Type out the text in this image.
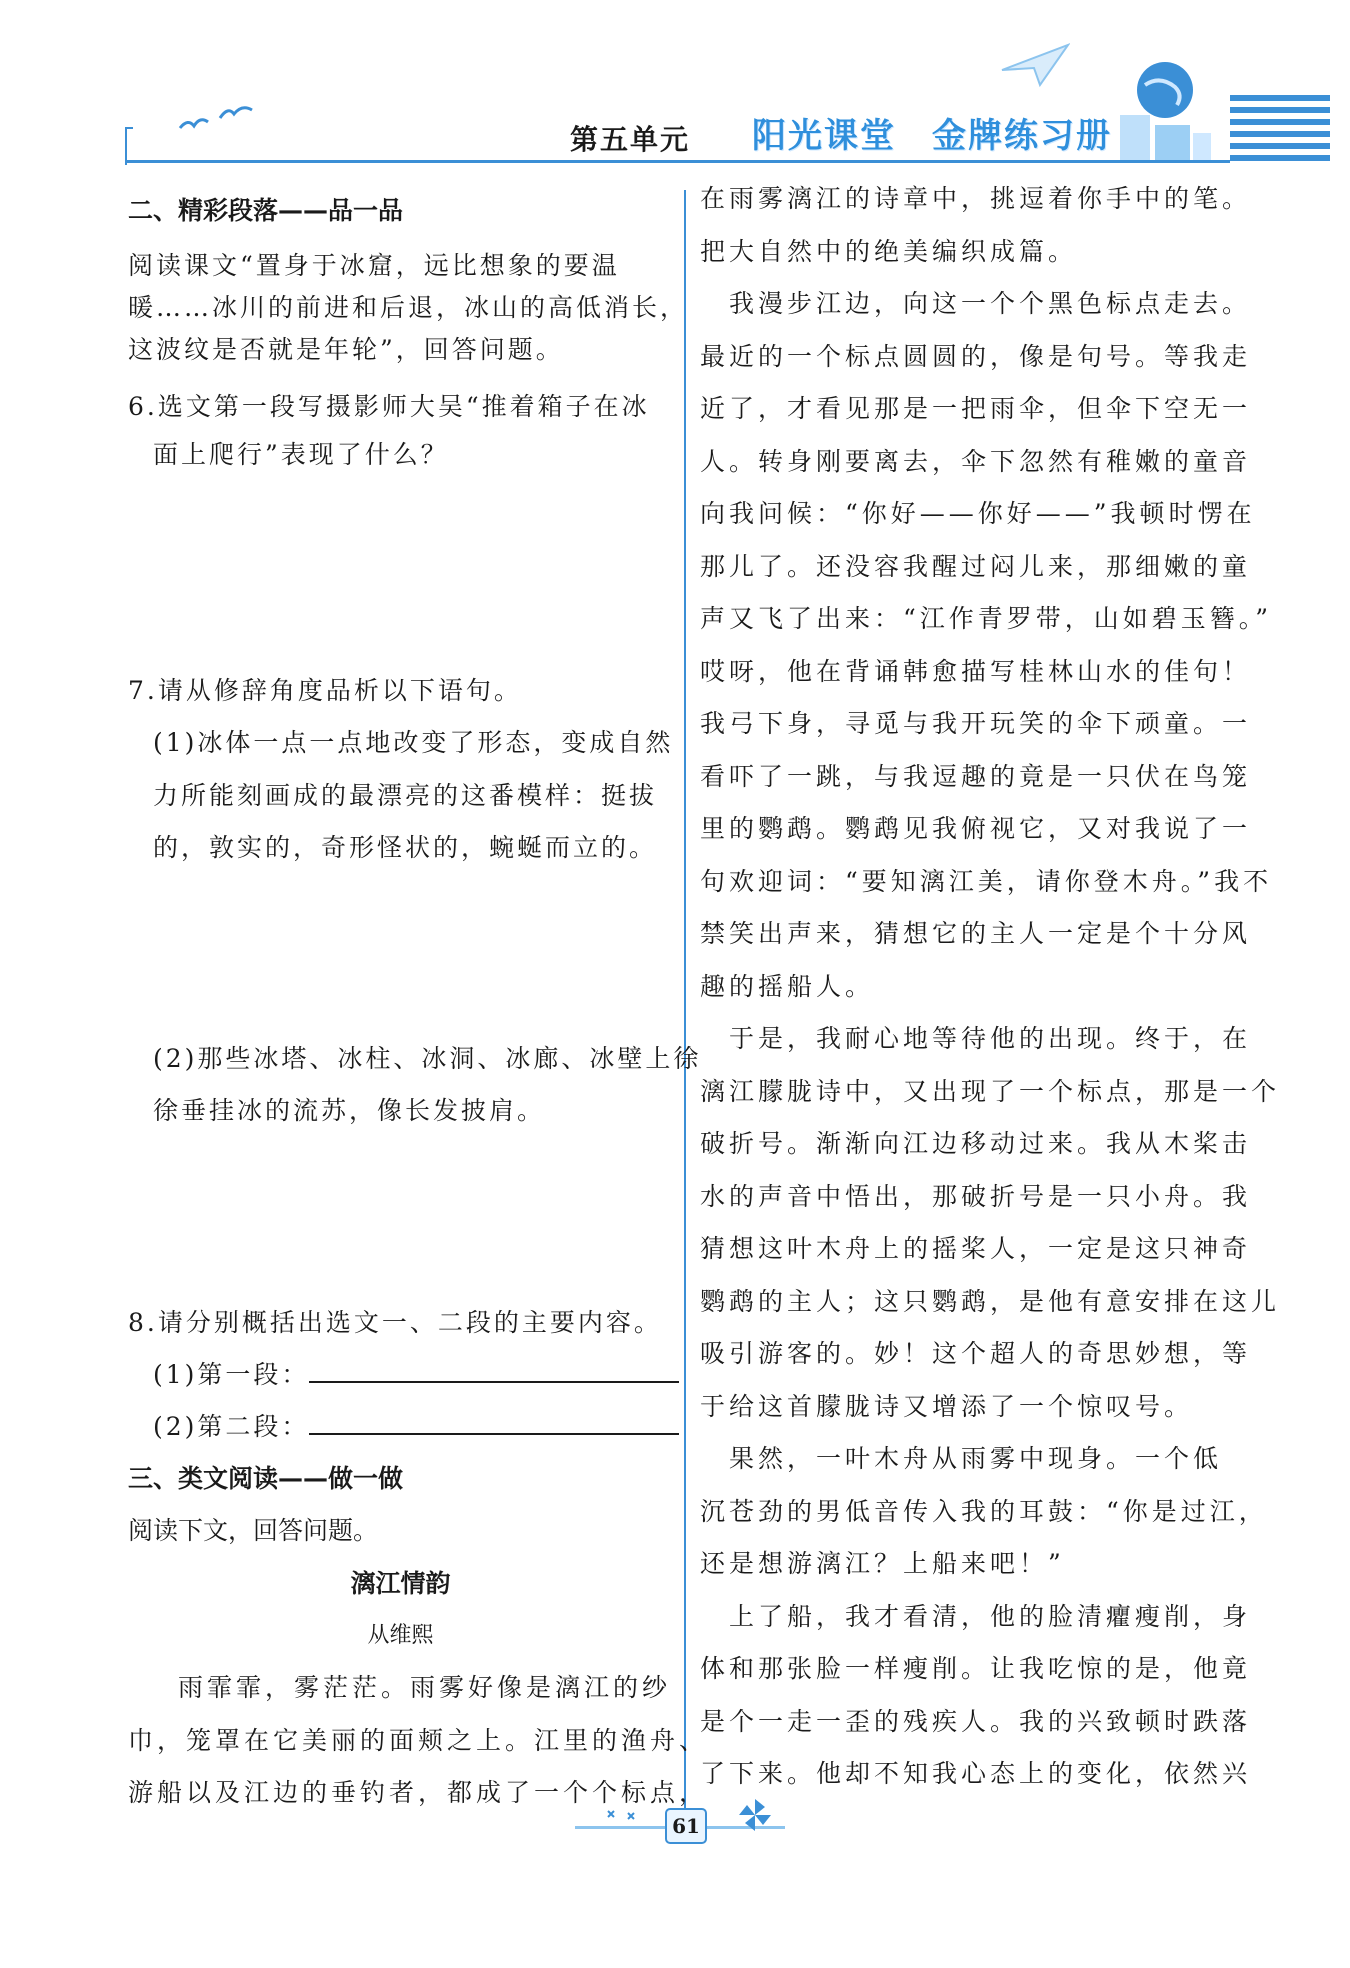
第五单元 阳光课堂　金牌练习册
二、精彩段落——品一品
阅读课文“置身于冰窟，远比想象的要温
暖……冰川的前进和后退，冰山的高低消长，
这波纹是否就是年轮”，回答问题。
6.选文第一段写摄影师大吴“推着箱子在冰
面上爬行”表现了什么？
7.请从修辞角度品析以下语句。
(1)冰体一点一点地改变了形态，变成自然
力所能刻画成的最漂亮的这番模样：挺拔
的，敦实的，奇形怪状的，蜿蜒而立的。
(2)那些冰塔、冰柱、冰洞、冰廊、冰壁上徐
徐垂挂冰的流苏，像长发披肩。
8.请分别概括出选文一、二段的主要内容。
(1)第一段：
(2)第二段：
三、类文阅读——做一做
阅读下文，回答问题。
漓江情韵
从维熙
雨霏霏，雾茫茫。雨雾好像是漓江的纱
巾，笼罩在它美丽的面颊之上。江里的渔舟、
游船以及江边的垂钓者，都成了一个个标点，
在雨雾漓江的诗章中，挑逗着你手中的笔。
把大自然中的绝美编织成篇。
　我漫步江边，向这一个个黑色标点走去。
最近的一个标点圆圆的，像是句号。等我走
近了，才看见那是一把雨伞，但伞下空无一
人。转身刚要离去，伞下忽然有稚嫩的童音
向我问候：“你好——你好——”我顿时愣在
那儿了。还没容我醒过闷儿来，那细嫩的童
声又飞了出来：“江作青罗带，山如碧玉簪。”
哎呀，他在背诵韩愈描写桂林山水的佳句！
我弓下身，寻觅与我开玩笑的伞下顽童。一
看吓了一跳，与我逗趣的竟是一只伏在鸟笼
里的鹦鹉。鹦鹉见我俯视它，又对我说了一
句欢迎词：“要知漓江美，请你登木舟。”我不
禁笑出声来，猜想它的主人一定是个十分风
趣的摇船人。
　于是，我耐心地等待他的出现。终于，在
漓江朦胧诗中，又出现了一个标点，那是一个
破折号。渐渐向江边移动过来。我从木桨击
水的声音中悟出，那破折号是一只小舟。我
猜想这叶木舟上的摇桨人，一定是这只神奇
鹦鹉的主人；这只鹦鹉，是他有意安排在这儿
吸引游客的。妙！这个超人的奇思妙想，等
于给这首朦胧诗又增添了一个惊叹号。
　果然，一叶木舟从雨雾中现身。一个低
沉苍劲的男低音传入我的耳鼓：“你是过江，
还是想游漓江？上船来吧！”
　上了船，我才看清，他的脸清癯瘦削，身
体和那张脸一样瘦削。让我吃惊的是，他竟
是个一走一歪的残疾人。我的兴致顿时跌落
了下来。他却不知我心态上的变化，依然兴
61
